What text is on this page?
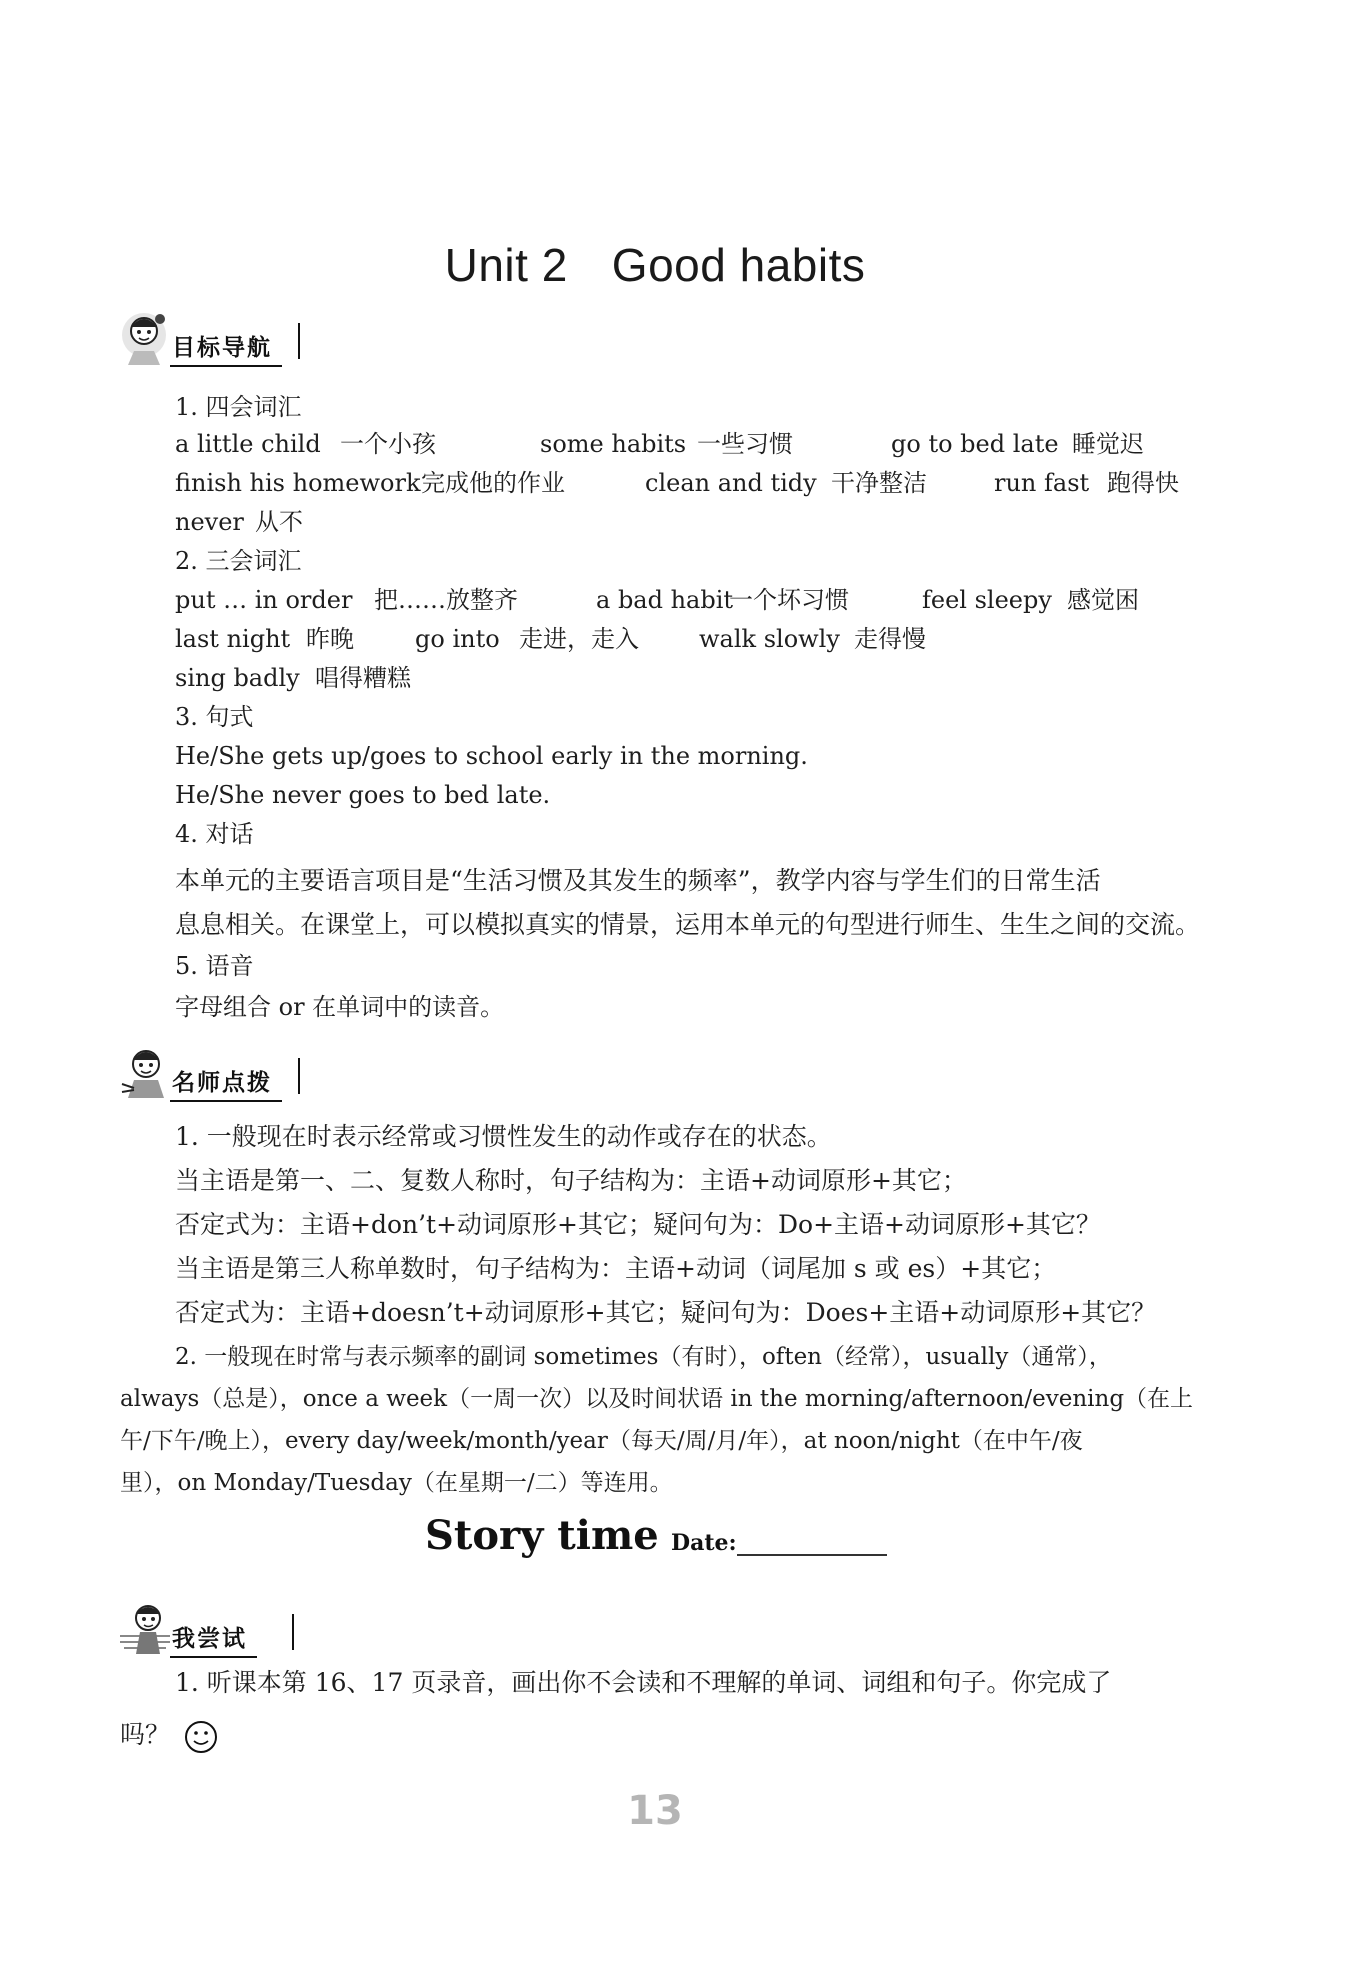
Unit 2 Good habits
目标导航
1. 四会词汇
a little child 一个小孩	some habits 一些习惯	go to bed late 睡觉迟
finish his homework完成他的作业	clean and tidy 干净整洁	run fast 跑得快
never 从不
2. 三会词汇
put … in order 把……放整齐	a bad habit一个坏习惯	feel sleepy 感觉困
last night 昨晚	go into 走进，走入	walk slowly 走得慢
sing badly 唱得糟糕
3. 句式
He/She gets up/goes to school early in the morning.
He/She never goes to bed late.
4. 对话
本单元的主要语言项目是“生活习惯及其发生的频率”，教学内容与学生们的日常生活
息息相关。在课堂上，可以模拟真实的情景，运用本单元的句型进行师生、生生之间的交流。
5. 语音
字母组合 or 在单词中的读音。
名师点拨
1. 一般现在时表示经常或习惯性发生的动作或存在的状态。
当主语是第一、二、复数人称时，句子结构为：主语+动词原形+其它；
否定式为：主语+don’t+动词原形+其它；疑问句为：Do+主语+动词原形+其它？
当主语是第三人称单数时，句子结构为：主语+动词（词尾加 s 或 es）+其它；
否定式为：主语+doesn’t+动词原形+其它；疑问句为：Does+主语+动词原形+其它？
2. 一般现在时常与表示频率的副词 sometimes（有时），often（经常），usually（通常），
always（总是），once a week（一周一次）以及时间状语 in the morning/afternoon/evening（在上
午/下午/晚上），every day/week/month/year（每天/周/月/年），at noon/night（在中午/夜
里），on Monday/Tuesday（在星期一/二）等连用。
Story time Date:
我尝试
1. 听课本第 16、17 页录音，画出你不会读和不理解的单词、词组和句子。你完成了
吗？
13
